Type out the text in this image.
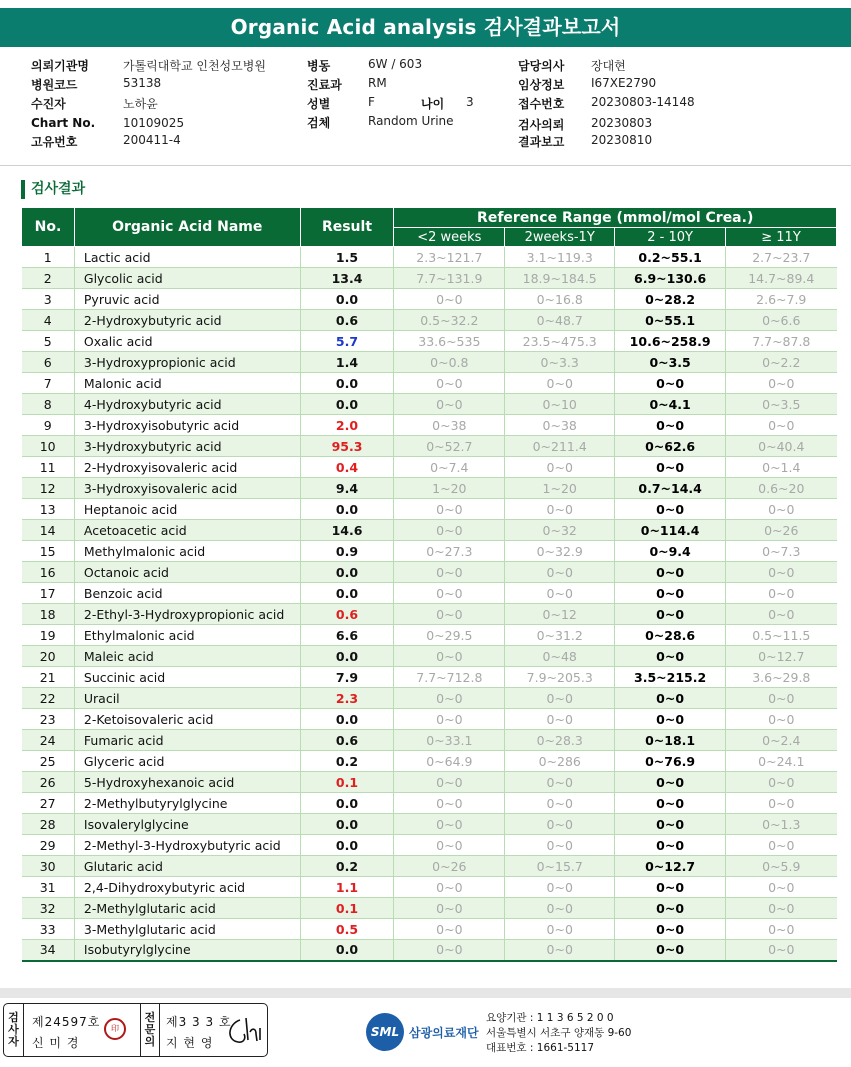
Organic Acid analysis 검사결과보고서
의뢰기관명	가톨릭대학교 인천성모병원
병원코드	53138
수진자	노하윤
Chart No. 10109025
고유번호	200411-4
병동	6W / 603
진료과 RM
성별	F	나이 3
검체	Random Urine
담당의사 장대현
임상정보 I67XE2790
접수번호 20230803-14148
검사의뢰 20230803
결과보고 20230810
검사결과
No.	Organic Acid Name	Result	Reference Range (mmol/mol Crea.)			
			<2 weeks	2weeks-1Y	2 - 10Y	≥ 11Y
1	Lactic acid	1.5	2.3~121.7	3.1~119.3	0.2~55.1	2.7~23.7
2	Glycolic acid	13.4	7.7~131.9	18.9~184.5	6.9~130.6	14.7~89.4
3	Pyruvic acid	0.0	0~0	0~16.8	0~28.2	2.6~7.9
4	2-Hydroxybutyric acid	0.6	0.5~32.2	0~48.7	0~55.1	0~6.6
5	Oxalic acid	5.7	33.6~535	23.5~475.3	10.6~258.9	7.7~87.8
6	3-Hydroxypropionic acid	1.4	0~0.8	0~3.3	0~3.5	0~2.2
7	Malonic acid	0.0	0~0	0~0	0~0	0~0
8	4-Hydroxybutyric acid	0.0	0~0	0~10	0~4.1	0~3.5
9	3-Hydroxyisobutyric acid	2.0	0~38	0~38	0~0	0~0
10	3-Hydroxybutyric acid	95.3	0~52.7	0~211.4	0~62.6	0~40.4
11	2-Hydroxyisovaleric acid	0.4	0~7.4	0~0	0~0	0~1.4
12	3-Hydroxyisovaleric acid	9.4	1~20	1~20	0.7~14.4	0.6~20
13	Heptanoic acid	0.0	0~0	0~0	0~0	0~0
14	Acetoacetic acid	14.6	0~0	0~32	0~114.4	0~26
15	Methylmalonic acid	0.9	0~27.3	0~32.9	0~9.4	0~7.3
16	Octanoic acid	0.0	0~0	0~0	0~0	0~0
17	Benzoic acid	0.0	0~0	0~0	0~0	0~0
18	2-Ethyl-3-Hydroxypropionic acid	0.6	0~0	0~12	0~0	0~0
19	Ethylmalonic acid	6.6	0~29.5	0~31.2	0~28.6	0.5~11.5
20	Maleic acid	0.0	0~0	0~48	0~0	0~12.7
21	Succinic acid	7.9	7.7~712.8	7.9~205.3	3.5~215.2	3.6~29.8
22	Uracil	2.3	0~0	0~0	0~0	0~0
23	2-Ketoisovaleric acid	0.0	0~0	0~0	0~0	0~0
24	Fumaric acid	0.6	0~33.1	0~28.3	0~18.1	0~2.4
25	Glyceric acid	0.2	0~64.9	0~286	0~76.9	0~24.1
26	5-Hydroxyhexanoic acid	0.1	0~0	0~0	0~0	0~0
27	2-Methylbutyrylglycine	0.0	0~0	0~0	0~0	0~0
28	Isovalerylglycine	0.0	0~0	0~0	0~0	0~1.3
29	2-Methyl-3-Hydroxybutyric acid	0.0	0~0	0~0	0~0	0~0
30	Glutaric acid	0.2	0~26	0~15.7	0~12.7	0~5.9
31	2,4-Dihydroxybutyric acid	1.1	0~0	0~0	0~0	0~0
32	2-Methylglutaric acid	0.1	0~0	0~0	0~0	0~0
33	3-Methylglutaric acid	0.5	0~0	0~0	0~0	0~0
34	Isobutyrylglycine	0.0	0~0	0~0	0~0	0~0
검
사
자
제24597호
신 미 경
印
전
문
의
제3 3 3 호
지 현 영
SML 삼광의료재단
요양기관 : 1 1 3 6 5 2 0 0
서울특별시 서초구 양재동 9-60
대표번호 : 1661-5117
